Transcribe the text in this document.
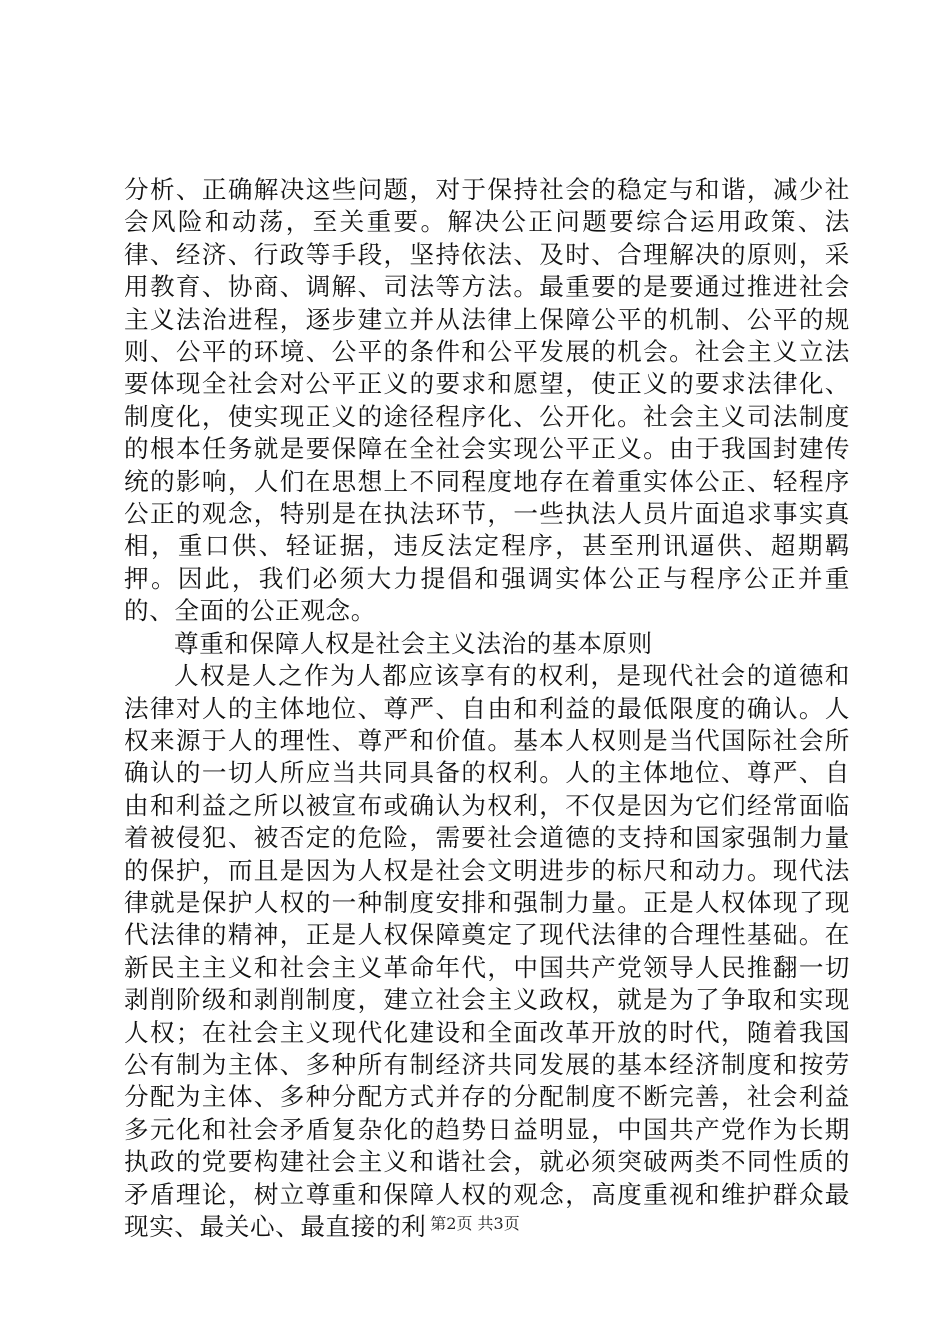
分析、正确解决这些问题，对于保持社会的稳定与和谐，减少社会风险和动荡，至关重要。解决公正问题要综合运用政策、法律、经济、行政等手段，坚持依法、及时、合理解决的原则，采用教育、协商、调解、司法等方法。最重要的是要通过推进社会主义法治进程，逐步建立并从法律上保障公平的机制、公平的规则、公平的环境、公平的条件和公平发展的机会。社会主义立法要体现全社会对公平正义的要求和愿望，使正义的要求法律化、制度化，使实现正义的途径程序化、公开化。社会主义司法制度的根本任务就是要保障在全社会实现公平正义。由于我国封建传统的影响，人们在思想上不同程度地存在着重实体公正、轻程序公正的观念，特别是在执法环节，一些执法人员片面追求事实真相，重口供、轻证据，违反法定程序，甚至刑讯逼供、超期羁押。因此，我们必须大力提倡和强调实体公正与程序公正并重的、全面的公正观念。

尊重和保障人权是社会主义法治的基本原则

人权是人之作为人都应该享有的权利，是现代社会的道德和法律对人的主体地位、尊严、自由和利益的最低限度的确认。人权来源于人的理性、尊严和价值。基本人权则是当代国际社会所确认的一切人所应当共同具备的权利。人的主体地位、尊严、自由和利益之所以被宣布或确认为权利，不仅是因为它们经常面临着被侵犯、被否定的危险，需要社会道德的支持和国家强制力量的保护，而且是因为人权是社会文明进步的标尺和动力。现代法律就是保护人权的一种制度安排和强制力量。正是人权体现了现代法律的精神，正是人权保障奠定了现代法律的合理性基础。在新民主主义和社会主义革命年代，中国共产党领导人民推翻一切剥削阶级和剥削制度，建立社会主义政权，就是为了争取和实现人权；在社会主义现代化建设和全面改革开放的时代，随着我国公有制为主体、多种所有制经济共同发展的基本经济制度和按劳分配为主体、多种分配方式并存的分配制度不断完善，社会利益多元化和社会矛盾复杂化的趋势日益明显，中国共产党作为长期执政的党要构建社会主义和谐社会，就必须突破两类不同性质的矛盾理论，树立尊重和保障人权的观念，高度重视和维护群众最现实、最关心、最直接的利 第2页 共3页
